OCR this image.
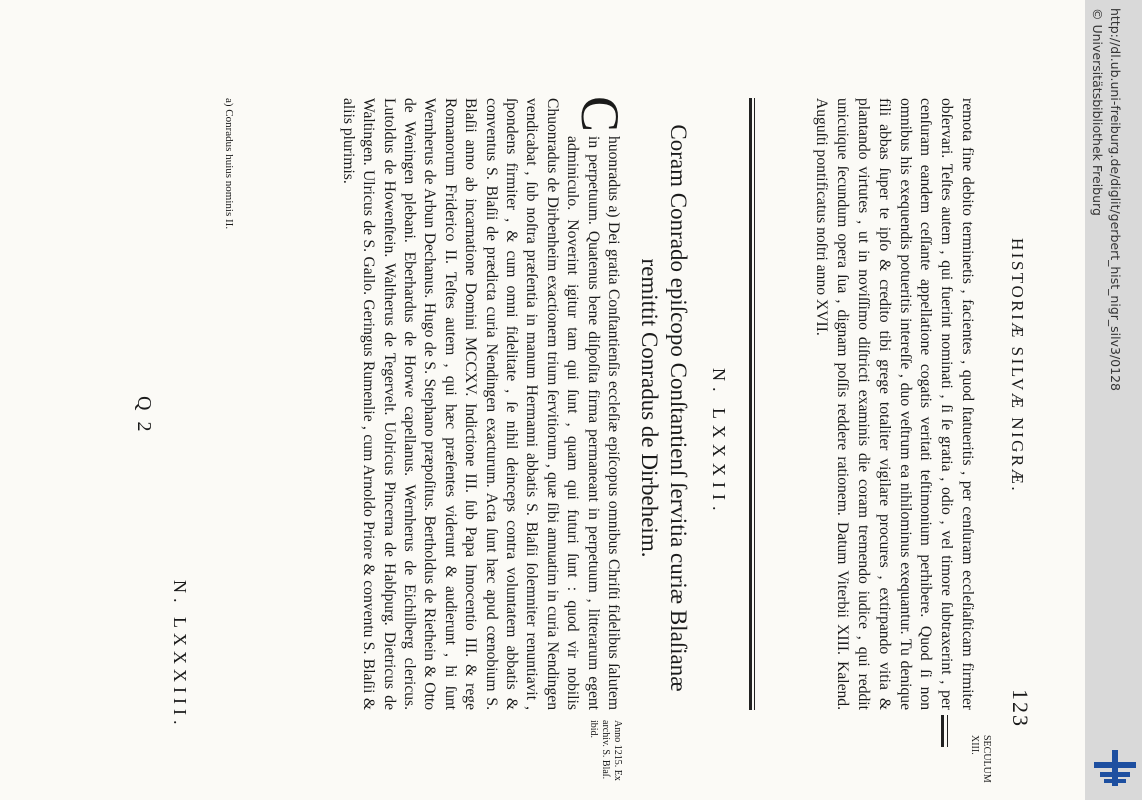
HISTORIÆ SILVÆ NIGRÆ.
123
SECULUM XIII.

remota fine debito terminetis , facientes , quod ſtatueritis , per cenſuram eccleſiaſticam firmiter obſervari. Teſtes autem , qui fuerint nominati , ſi ſe gratia , odio , vel timore ſubtraxerint , per cenſuram eandem ceſſante appellatione cogatis veritati teſtimonium perhibere. Quod ſi non omnibus his exequendis potueritis intereſſe , duo veſtrum ea nihilominus exequantur. Tu denique fili abbas ſuper te ipſo & credito tibi grege totaliter vigilare procures , extirpando vitia & plantando virtutes , ut in noviſſimo diſtricti examinis die coram tremendo iudice , qui reddit unicuique ſecundum opera ſua , dignam poſſis reddere rationem. Datum Viterbii XIII. Kalend. Auguſti pontificatus noſtri anno XVII.

N. LXXXII.
Coram Conrado epiſcopo Conſtantienſ ſervitia curiæ Blaſianæ remittit Conradus de Dirbeheim.
Anno 1215. Ex archiv. S. Blaſ. ibid.
C
huonradus a) Dei gratia Conſtantienſis eccleſiæ epiſcopus omnibus Chriſti fidelibus ſalutem in perpetuum. Quatenus bene diſpoſita firma permaneant in perpetuum , litterarum egent adminiculo. Noverint igitur tam qui ſunt , quam qui futuri ſunt : quod vir nobilis Chuonradus de Dirbenheim exactionem trium ſervitiorum , quæ ſibi annuatim in curia Nendingen vendicabat , ſub noſtra præſentia in manum Hermanni abbatis S. Blaſii ſolemniter renuntiavit , ſpondens firmiter , & cum omni fidelitate , ſe nihil deinceps contra voluntatem abbatis & conventus S. Blaſii de prædicta curia Nendingen exacturum. Acta ſunt hæc apud cœnobium S. Blaſii anno ab incarnatione Domini MCCXV. Indictione III. ſub Papa Innocentio III. & rege Romanorum Friderico II. Teſtes autem , qui hæc præſentes viderunt & audierunt , hi ſunt Wernherus de Arbun Dechanus. Hugo de S. Stephano præpoſitus. Bertholdus de Riethein & Otto de Weningen plebani. Eberhardus de Horwe capellanus. Wernherus de Eichilberg clericus. Lutoldus de Howenſtein. Waltherus de Tegervelt. Uolricus Pincerna de Habſpurg. Dietricus de Waltingen. Ulricus de S. Gallo. Geringus Rumenlie , cum Arnoldo Priore & conventu S. Blaſii & aliis plurimis.
a) Conradus huius nominis II.
Q 2
N. LXXXIII.
http://dl.ub.uni-freiburg.de/diglit/gerbert_hist_nigr_silv3/0128
© Universitätsbibliothek Freiburg
